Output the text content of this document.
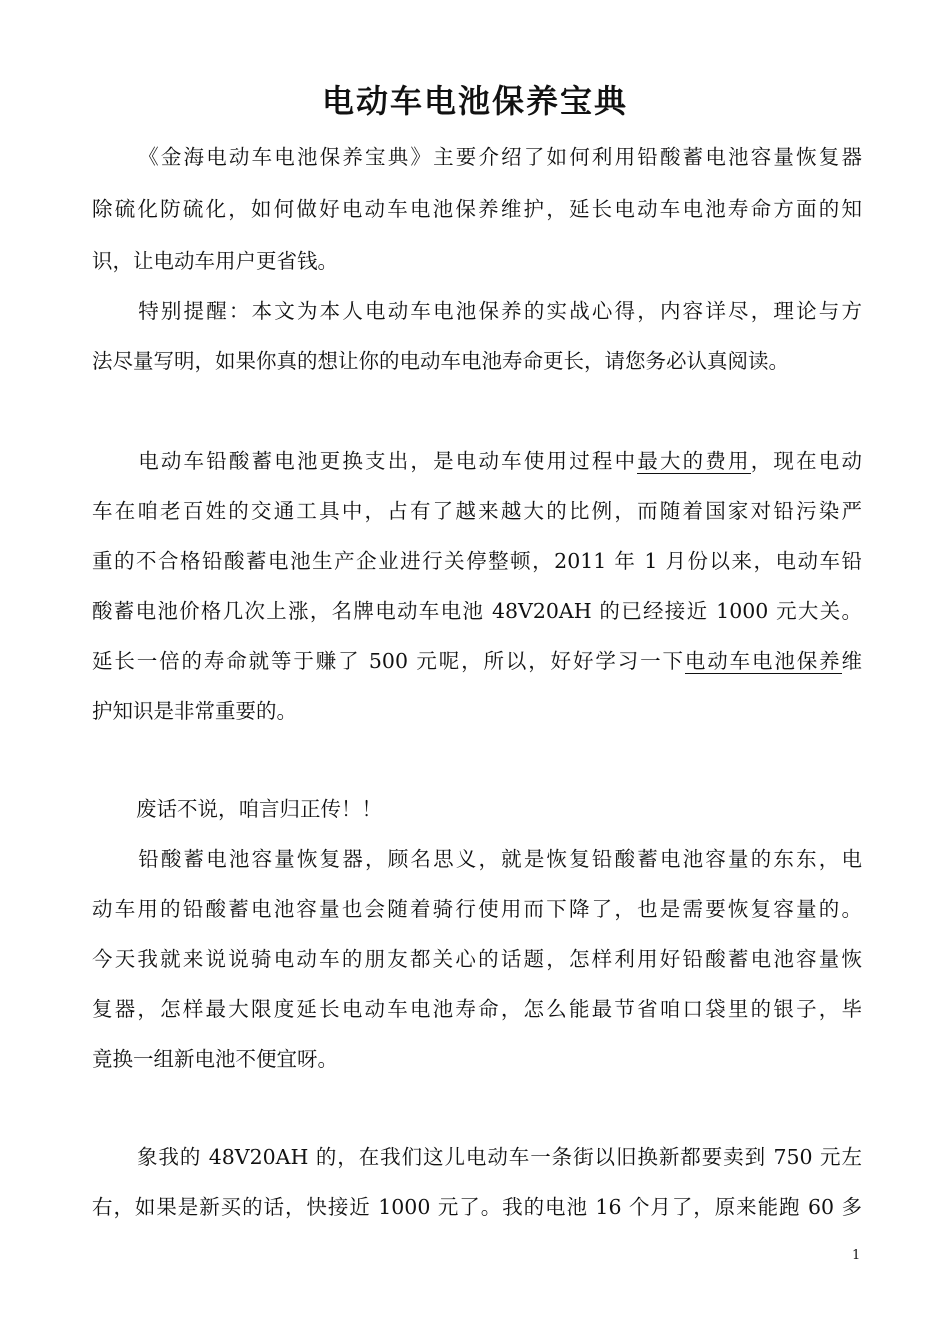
电动车电池保养宝典

《金海电动车电池保养宝典》主要介绍了如何利用铅酸蓄电池容量恢复器

除硫化防硫化，如何做好电动车电池保养维护，延长电动车电池寿命方面的知

识，让电动车用户更省钱。

特别提醒：本文为本人电动车电池保养的实战心得，内容详尽，理论与方

法尽量写明，如果你真的想让你的电动车电池寿命更长，请您务必认真阅读。

电动车铅酸蓄电池更换支出，是电动车使用过程中最大的费用，现在电动

车在咱老百姓的交通工具中，占有了越来越大的比例，而随着国家对铅污染严

重的不合格铅酸蓄电池生产企业进行关停整顿，2011 年 1 月份以来，电动车铅

酸蓄电池价格几次上涨，名牌电动车电池 48V20AH 的已经接近 1000 元大关。

延长一倍的寿命就等于赚了 500 元呢，所以，好好学习一下电动车电池保养维

护知识是非常重要的。

废话不说，咱言归正传！！

铅酸蓄电池容量恢复器，顾名思义，就是恢复铅酸蓄电池容量的东东，电

动车用的铅酸蓄电池容量也会随着骑行使用而下降了，也是需要恢复容量的。

今天我就来说说骑电动车的朋友都关心的话题，怎样利用好铅酸蓄电池容量恢

复器，怎样最大限度延长电动车电池寿命，怎么能最节省咱口袋里的银子，毕

竟换一组新电池不便宜呀。

象我的 48V20AH 的，在我们这儿电动车一条街以旧换新都要卖到 750 元左

右，如果是新买的话，快接近 1000 元了。我的电池 16 个月了，原来能跑 60 多

1
